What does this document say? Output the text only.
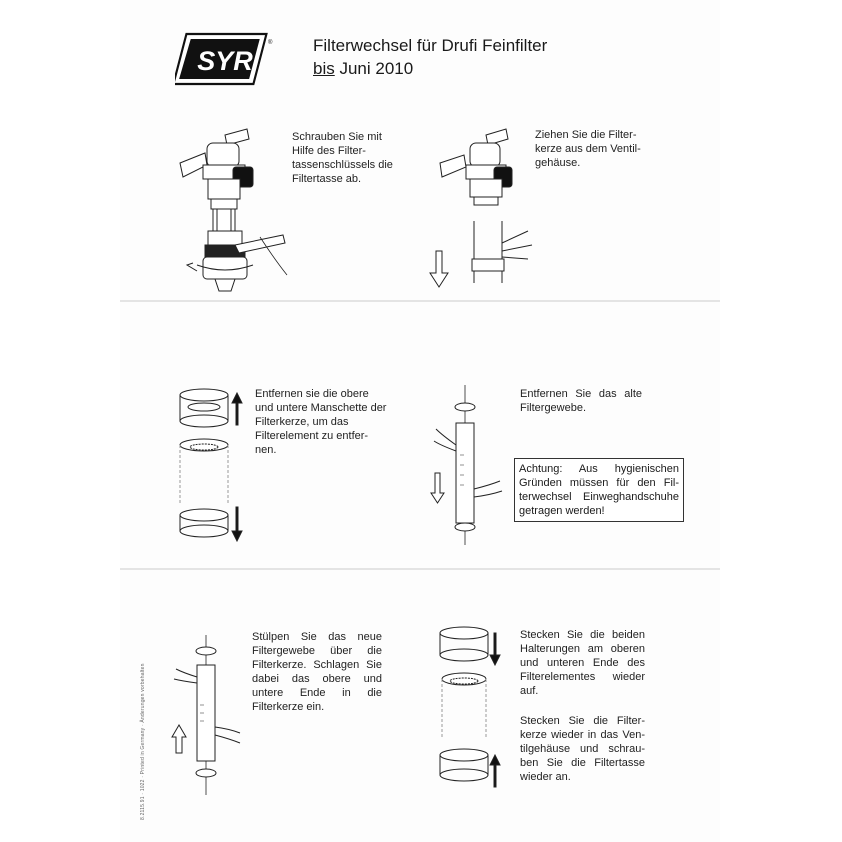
SYR
® Filterwechsel für Drufi Feinfilter
bis Juni 2010
Schrauben Sie mit Hilfe des Filter-tassenschlüssels die Filtertasse ab.
Ziehen Sie die Filter-kerze aus dem Ventil-gehäuse.
Entfernen sie die obere und untere Manschette der Filterkerze, um das Filterelement zu entfer-nen.
Entfernen Sie das alte Filtergewebe.
Achtung: Aus hygienischen Gründen müssen für den Fil-terwechsel Einweghandschuhe getragen werden!
Stülpen Sie das neue Filtergewebe über die Filterkerze. Schlagen Sie dabei das obere und untere Ende in die Filterkerze ein.
Stecken Sie die beiden Halterungen am oberen und unteren Ende des Filterelementes wieder auf.
Stecken Sie die Filter-kerze wieder in das Ven-tilgehäuse und schrau-ben Sie die Filtertasse wieder an.
8.2115.91 · 1022 · Printed in Germany · Änderungen vorbehalten
